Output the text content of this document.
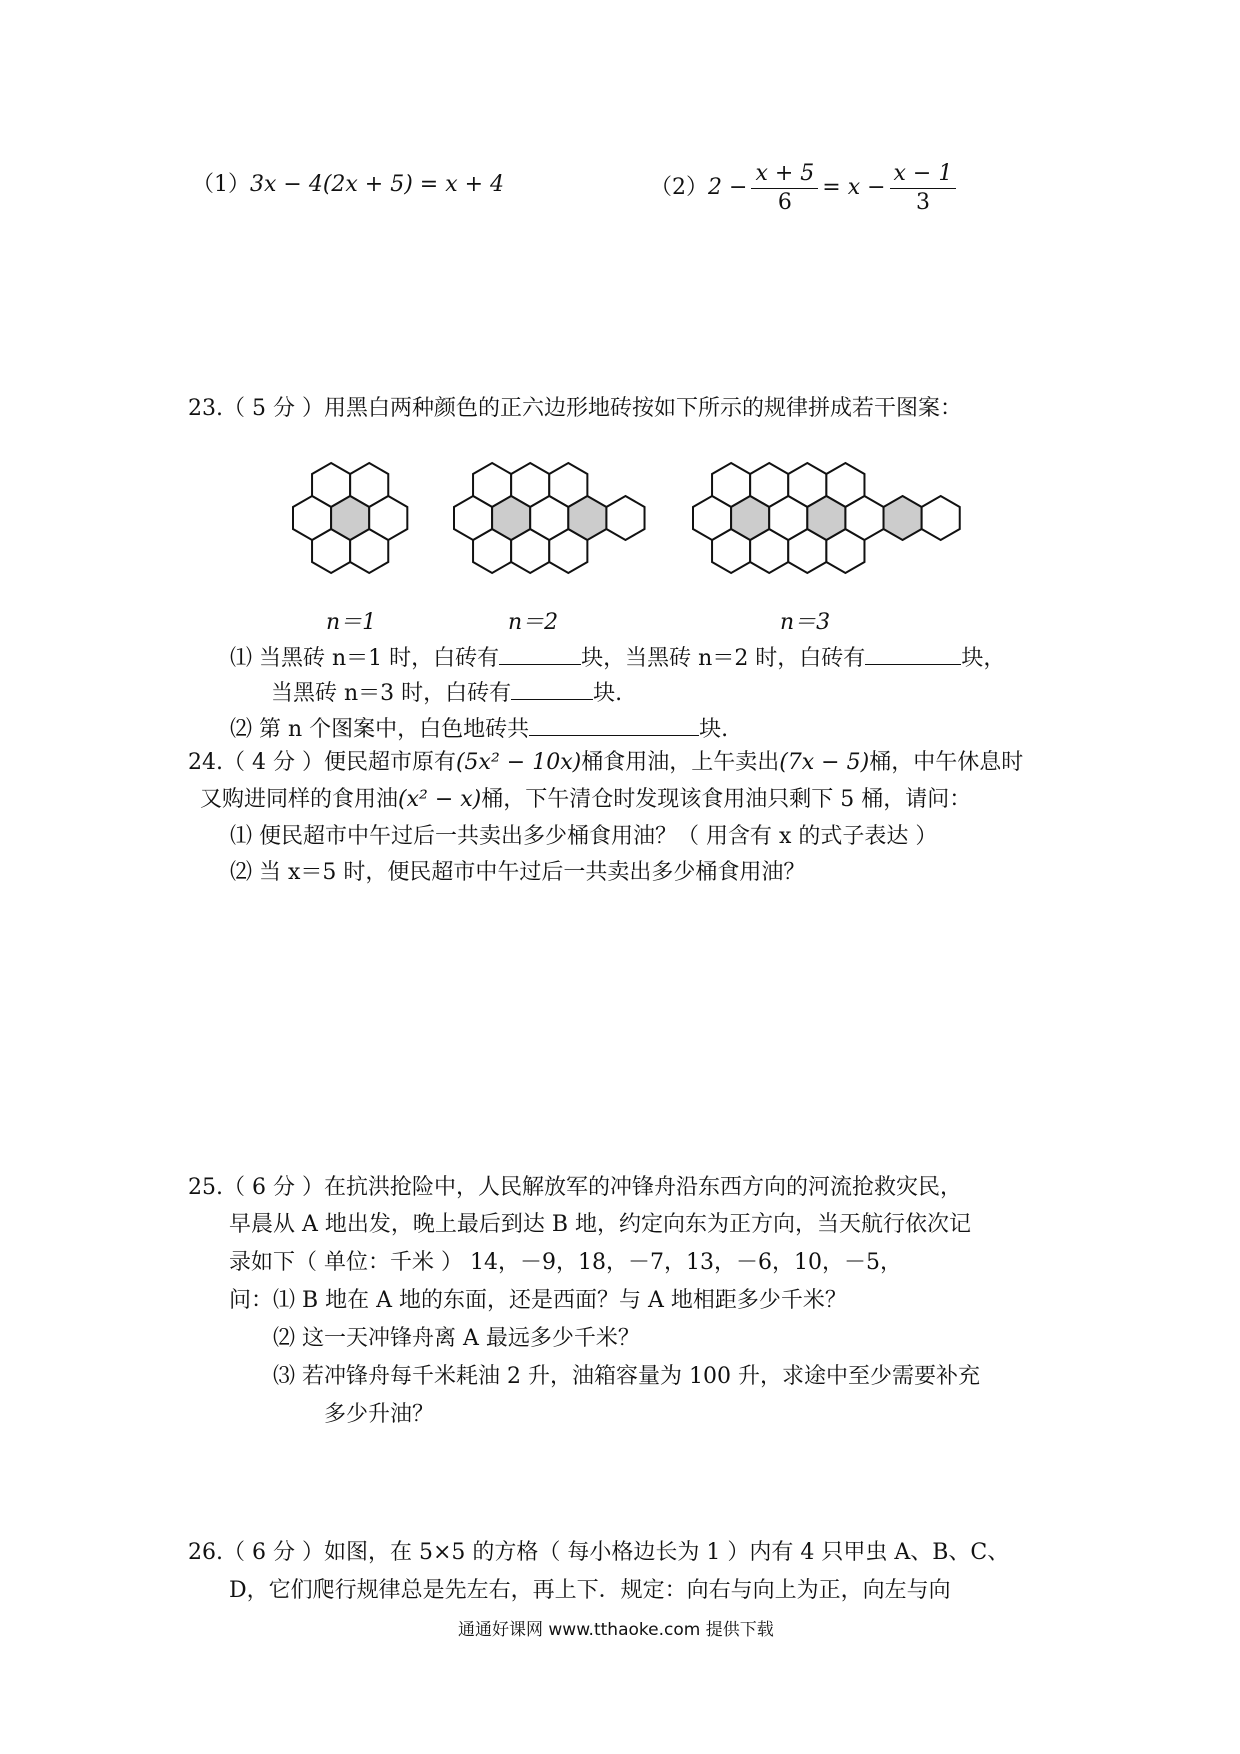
（1）3x − 4(2x + 5) = x + 4	$(2)2 - \frac{x + 5}{6} = x - \frac{x - 1}{3}$
23.（ 5 分 ）用黑白两种颜色的正六边形地砖按如下所示的规律拼成若干图案：
n＝1	n＝2	n＝3
⑴ 当黑砖 n＝1 时，白砖有	块，当黑砖 n＝2 时，白砖有	块，
当黑砖 n＝3 时，白砖有	块.
⑵ 第 n 个图案中，白色地砖共	块.
24.（ 4 分 ）便民超市原有(5x² − 10x)桶食用油，上午卖出(7x − 5)桶，中午休息时
又购进同样的食用油(x² − x)桶，下午清仓时发现该食用油只剩下 5 桶，请问：
⑴ 便民超市中午过后一共卖出多少桶食用油？（ 用含有 x 的式子表达 ）
⑵ 当 x＝5 时，便民超市中午过后一共卖出多少桶食用油？
25.（ 6 分 ）在抗洪抢险中，人民解放军的冲锋舟沿东西方向的河流抢救灾民，
早晨从 A 地出发，晚上最后到达 B 地，约定向东为正方向，当天航行依次记
录如下（ 单位：千米 ） 14，－9，18，－7，13，－6，10，－5，
问：⑴ B 地在 A 地的东面，还是西面？与 A 地相距多少千米？
⑵ 这一天冲锋舟离 A 最远多少千米？
⑶ 若冲锋舟每千米耗油 2 升，油箱容量为 100 升，求途中至少需要补充
多少升油？
26.（ 6 分 ）如图，在 5×5 的方格（ 每小格边长为 1 ）内有 4 只甲虫 A、B、C、
D，它们爬行规律总是先左右，再上下．规定：向右与向上为正，向左与向
通通好课网 www.tthaoke.com 提供下载
